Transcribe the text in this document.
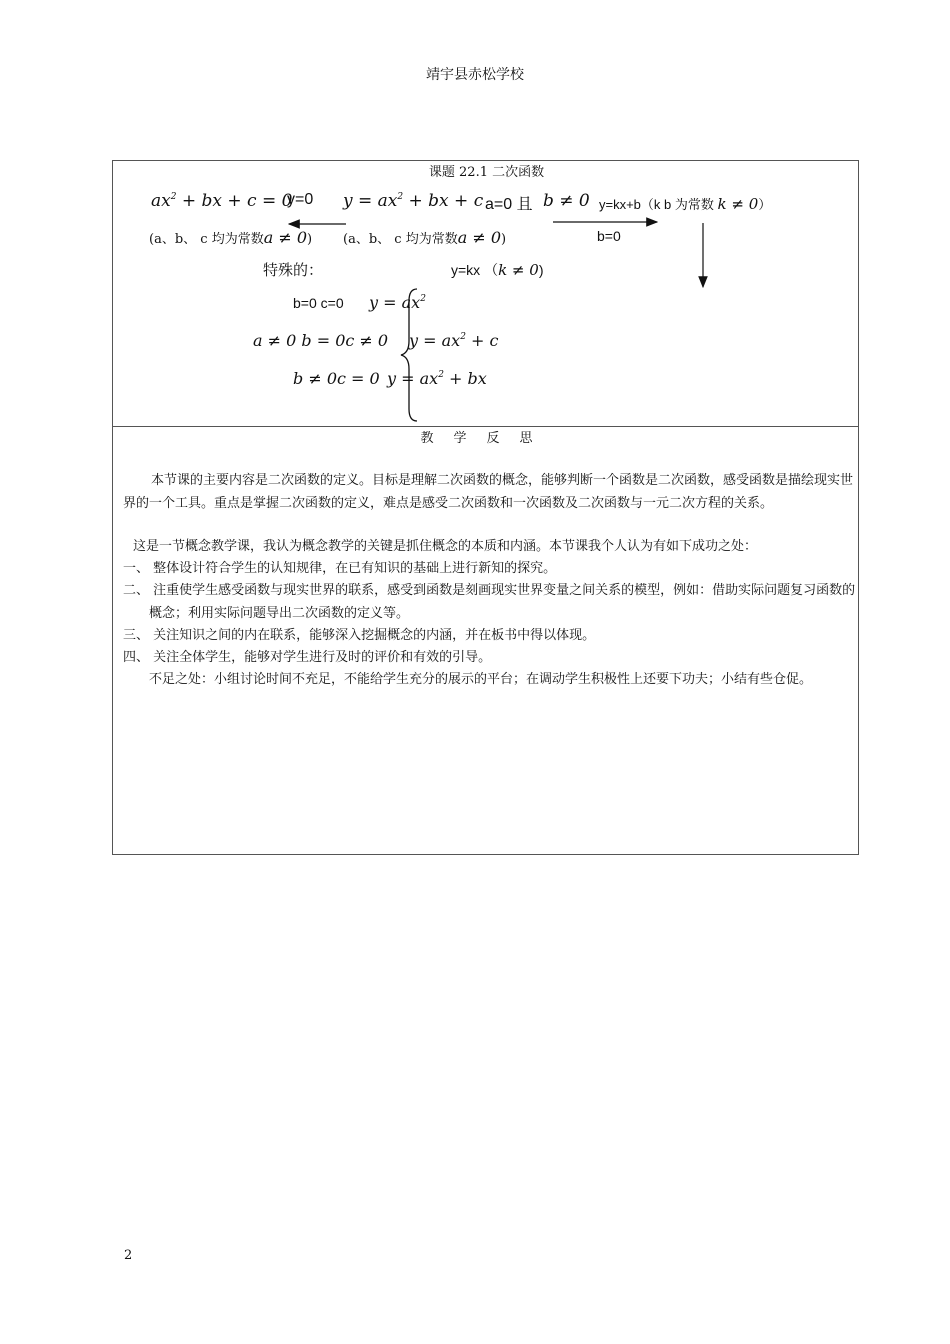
靖宇县赤松学校
课题 22.1 二次函数
$ax^2$ + bx + c = 0
y=0 $y = ax^2$ + bx + c a=0 且 b ≠ 0 y=kx+b（k b 为常数 k ≠ 0）
(a、b、 c 均为常数a ≠ 0) (a、b、 c 均为常数a ≠ 0)	b=0
特殊的：	y=kx （k ≠ 0)
b=0 c=0 $y = ax^2$
a ≠ 0 b = 0c ≠ 0 $y = ax^2 + c$
b ≠ 0c = 0 $y = ax^2$ + bx
教学反思
本节课的主要内容是二次函数的定义。目标是理解二次函数的概念，能够判断一个函数是二次函数，感受函数是描绘现实世界的一个工具。重点是掌握二次函数的定义，难点是感受二次函数和一次函数及二次函数与一元二次方程的关系。
这是一节概念教学课，我认为概念教学的关键是抓住概念的本质和内涵。本节课我个人认为有如下成功之处：
一、 整体设计符合学生的认知规律，在已有知识的基础上进行新知的探究。
二、 注重使学生感受函数与现实世界的联系，感受到函数是刻画现实世界变量之间关系的模型，例如：借助实际问题复习函数的概念；利用实际问题导出二次函数的定义等。
三、 关注知识之间的内在联系，能够深入挖掘概念的内涵，并在板书中得以体现。
四、 关注全体学生，能够对学生进行及时的评价和有效的引导。
不足之处：小组讨论时间不充足，不能给学生充分的展示的平台；在调动学生积极性上还要下功夫；小结有些仓促。
2
